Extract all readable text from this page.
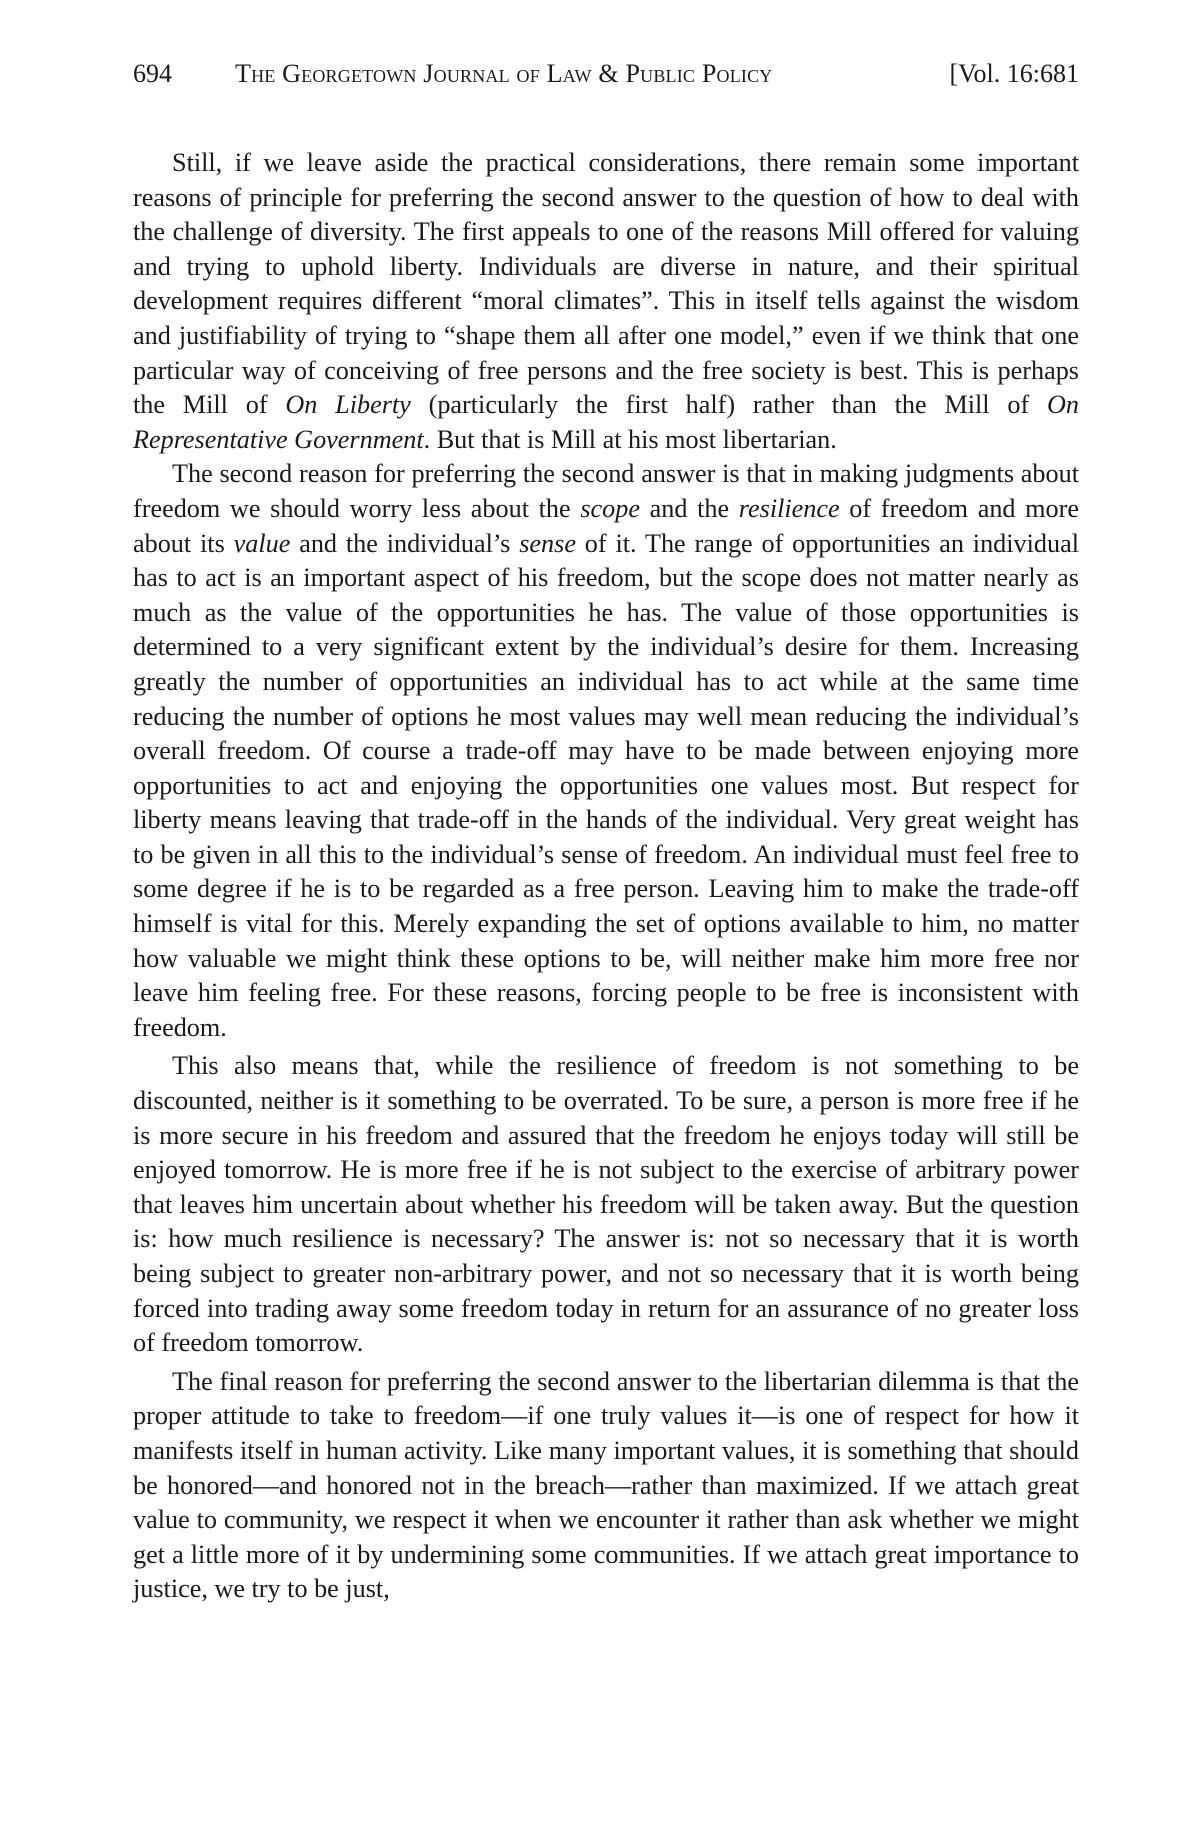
694 The Georgetown Journal of Law & Public Policy	[Vol. 16:681

Still, if we leave aside the practical considerations, there remain some important reasons of principle for preferring the second answer to the question of how to deal with the challenge of diversity. The first appeals to one of the reasons Mill offered for valuing and trying to uphold liberty. Individuals are diverse in nature, and their spiritual development requires different “moral climates”. This in itself tells against the wisdom and justifiability of trying to “shape them all after one model,” even if we think that one particular way of conceiving of free persons and the free society is best. This is perhaps the Mill of On Liberty (particularly the first half) rather than the Mill of On Representative Government. But that is Mill at his most libertarian.

The second reason for preferring the second answer is that in making judgments about freedom we should worry less about the scope and the resilience of freedom and more about its value and the individual’s sense of it. The range of opportunities an individual has to act is an important aspect of his freedom, but the scope does not matter nearly as much as the value of the opportunities he has. The value of those opportunities is determined to a very significant extent by the individual’s desire for them. Increasing greatly the number of opportunities an individual has to act while at the same time reducing the number of options he most values may well mean reducing the individual’s overall freedom. Of course a trade-off may have to be made between enjoying more opportunities to act and enjoying the opportunities one values most. But respect for liberty means leaving that trade-off in the hands of the individual. Very great weight has to be given in all this to the individual’s sense of freedom. An individual must feel free to some degree if he is to be regarded as a free person. Leaving him to make the trade-off himself is vital for this. Merely expanding the set of options available to him, no matter how valuable we might think these options to be, will neither make him more free nor leave him feeling free. For these reasons, forcing people to be free is inconsistent with freedom.

This also means that, while the resilience of freedom is not something to be discounted, neither is it something to be overrated. To be sure, a person is more free if he is more secure in his freedom and assured that the freedom he enjoys today will still be enjoyed tomorrow. He is more free if he is not subject to the exercise of arbitrary power that leaves him uncertain about whether his freedom will be taken away. But the question is: how much resilience is necessary? The answer is: not so necessary that it is worth being subject to greater non-arbitrary power, and not so necessary that it is worth being forced into trading away some freedom today in return for an assurance of no greater loss of freedom tomorrow.

The final reason for preferring the second answer to the libertarian dilemma is that the proper attitude to take to freedom—if one truly values it—is one of respect for how it manifests itself in human activity. Like many important values, it is something that should be honored—and honored not in the breach—rather than maximized. If we attach great value to community, we respect it when we encounter it rather than ask whether we might get a little more of it by undermining some communities. If we attach great importance to justice, we try to be just,
